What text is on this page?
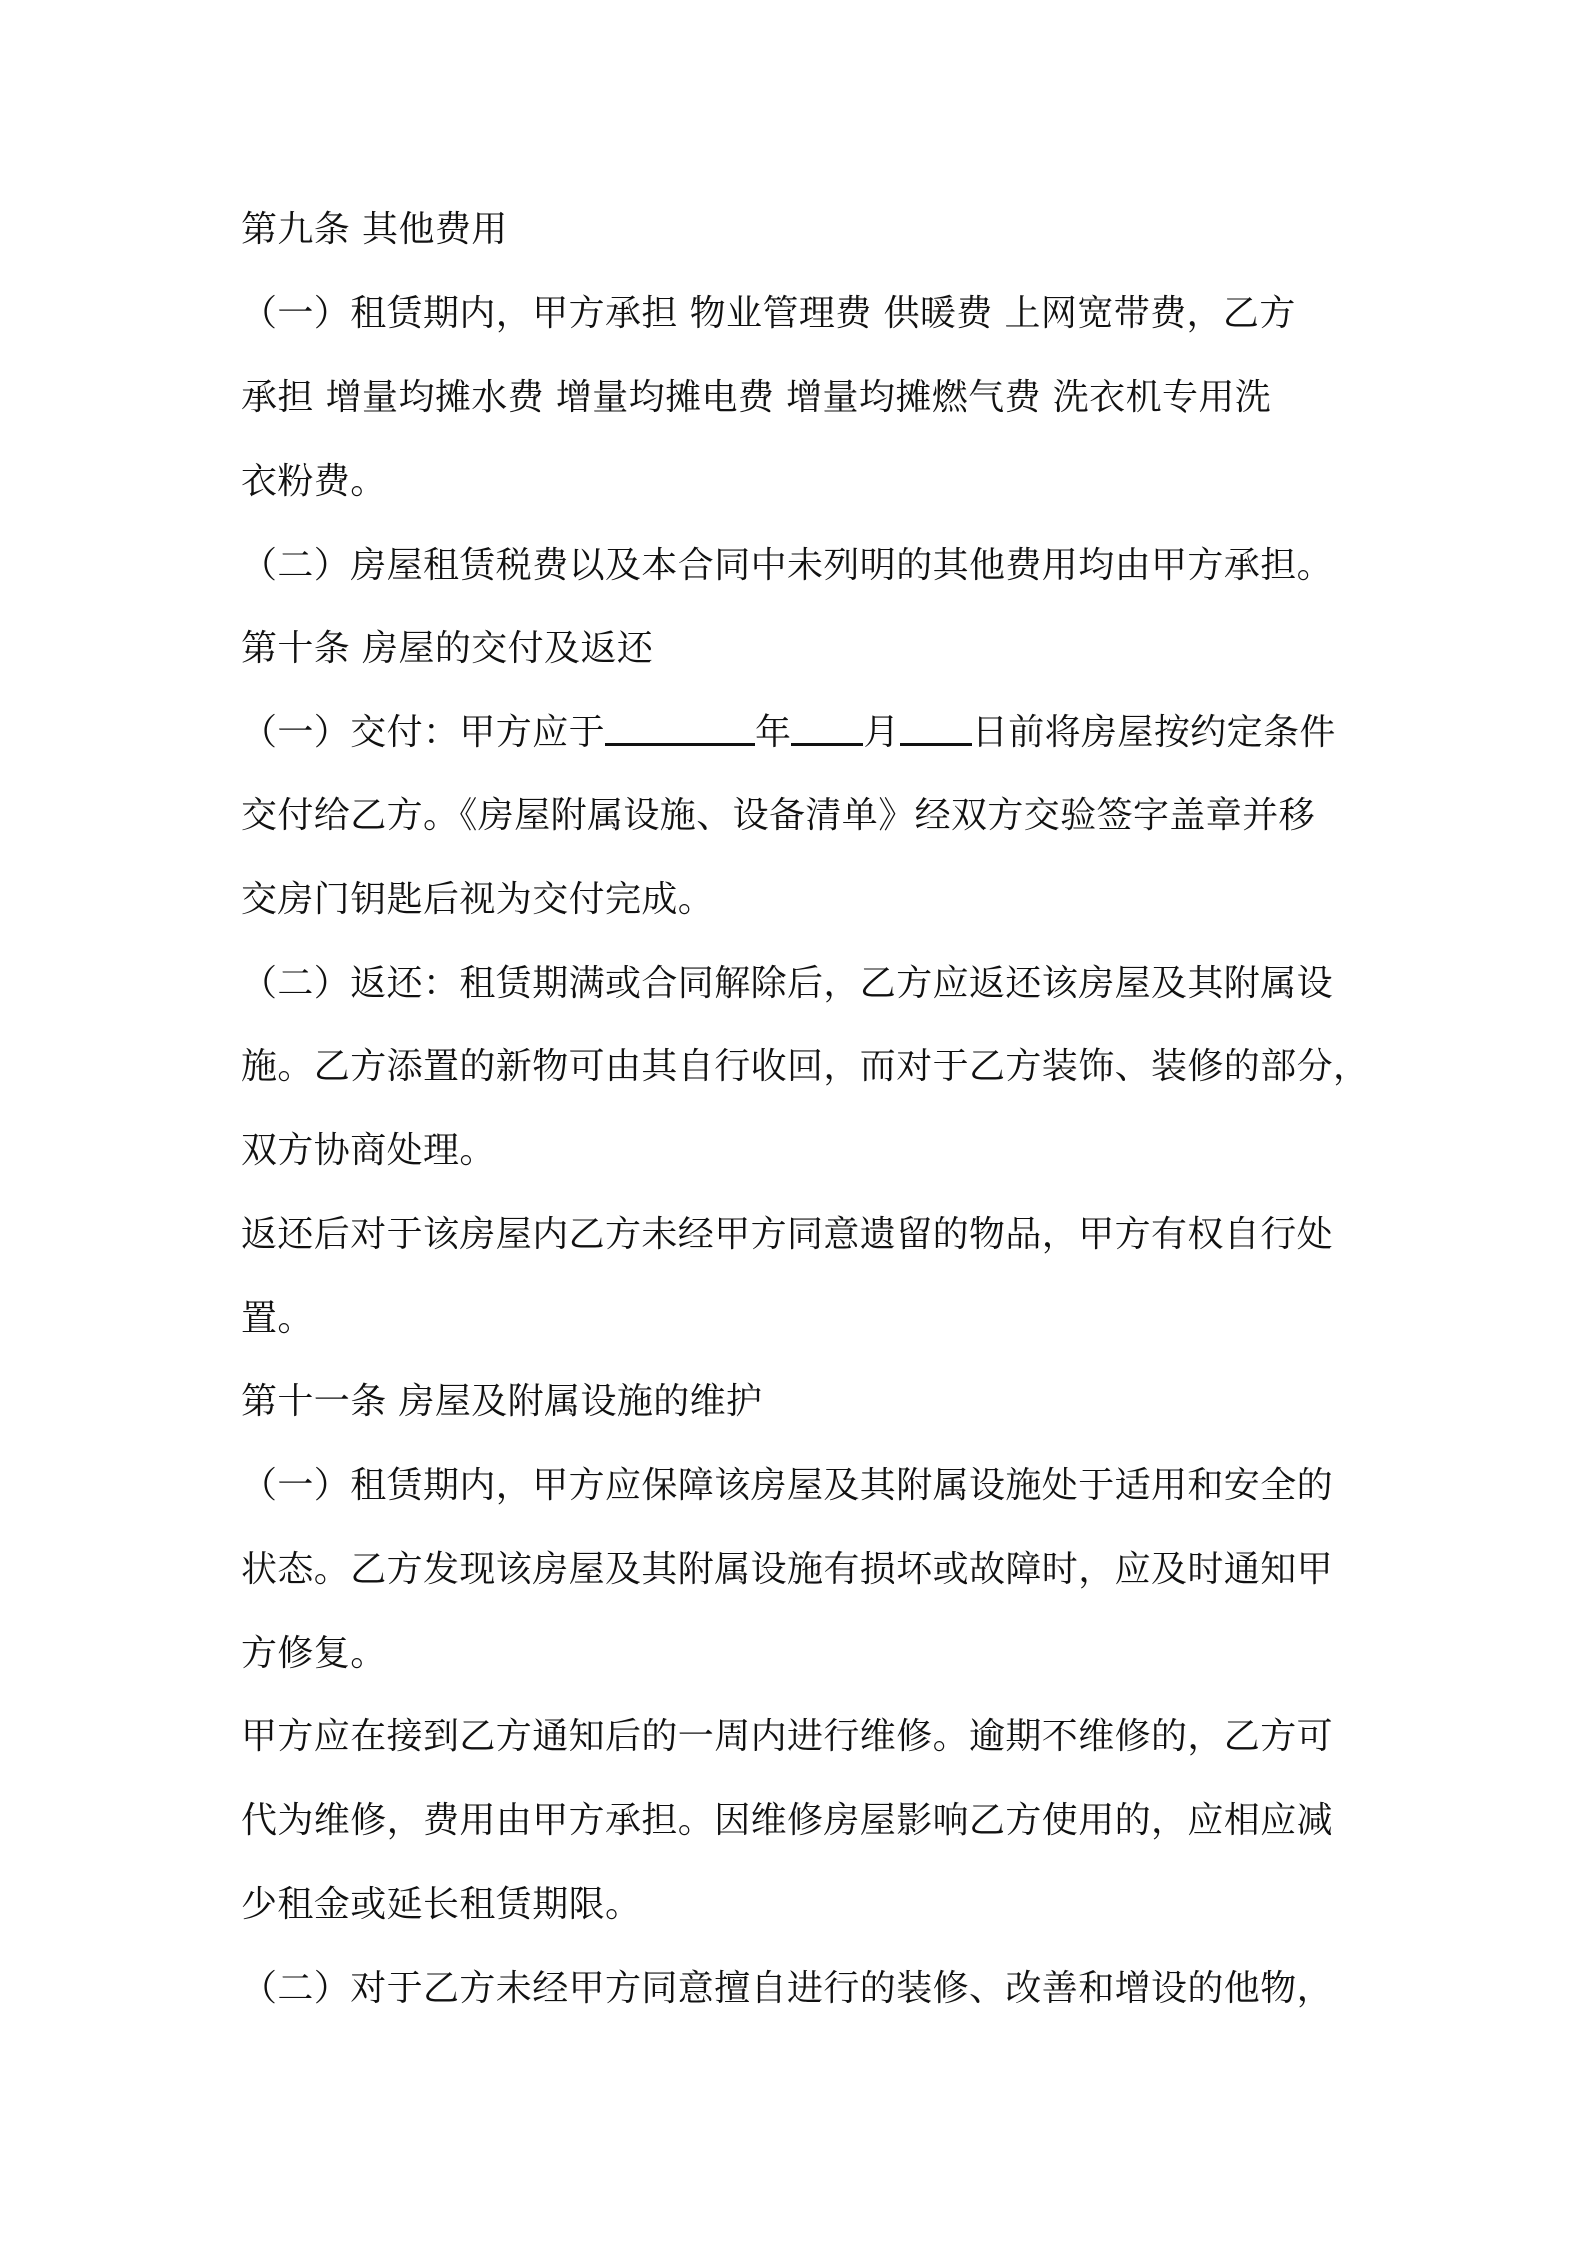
第九条 其他费用
（一）租赁期内，甲方承担 物业管理费 供暖费 上网宽带费，乙方
承担 增量均摊水费 增量均摊电费 增量均摊燃气费 洗衣机专用洗
衣粉费。
（二）房屋租赁税费以及本合同中未列明的其他费用均由甲方承担。
第十条 房屋的交付及返还
（一）交付：甲方应于	年 月 日前将房屋按约定条件
交付给乙方。《房屋附属设施、设备清单》经双方交验签字盖章并移
交房门钥匙后视为交付完成。
（二）返还：租赁期满或合同解除后，乙方应返还该房屋及其附属设
施。乙方添置的新物可由其自行收回，而对于乙方装饰、装修的部分，
双方协商处理。
返还后对于该房屋内乙方未经甲方同意遗留的物品，甲方有权自行处
置。
第十一条 房屋及附属设施的维护
（一）租赁期内，甲方应保障该房屋及其附属设施处于适用和安全的
状态。乙方发现该房屋及其附属设施有损坏或故障时，应及时通知甲
方修复。
甲方应在接到乙方通知后的一周内进行维修。逾期不维修的，乙方可
代为维修，费用由甲方承担。因维修房屋影响乙方使用的，应相应减
少租金或延长租赁期限。
（二）对于乙方未经甲方同意擅自进行的装修、改善和增设的他物，
